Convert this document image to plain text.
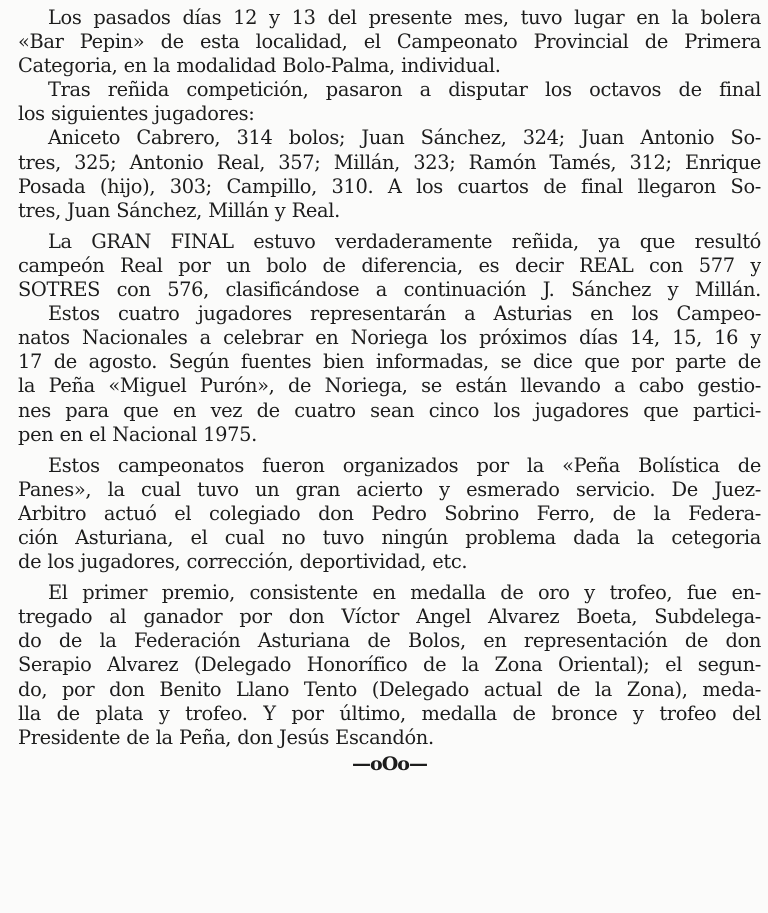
Los pasados días 12 y 13 del presente mes, tuvo lugar en la bolera
«Bar Pepin» de esta localidad, el Campeonato Provincial de Primera
Categoria, en la modalidad Bolo-Palma, individual.
Tras reñida competición, pasaron a disputar los octavos de final
los siguientes jugadores:
Aniceto Cabrero, 314 bolos; Juan Sánchez, 324; Juan Antonio So-
tres, 325; Antonio Real, 357; Millán, 323; Ramón Tamés, 312; Enrique
Posada (hijo), 303; Campillo, 310. A los cuartos de final llegaron So-
tres, Juan Sánchez, Millán y Real.
La GRAN FINAL estuvo verdaderamente reñida, ya que resultó
campeón Real por un bolo de diferencia, es decir REAL con 577 y
SOTRES con 576, clasificándose a continuación J. Sánchez y Millán.
Estos cuatro jugadores representarán a Asturias en los Campeo-
natos Nacionales a celebrar en Noriega los próximos días 14, 15, 16 y
17 de agosto. Según fuentes bien informadas, se dice que por parte de
la Peña «Miguel Purón», de Noriega, se están llevando a cabo gestio-
nes para que en vez de cuatro sean cinco los jugadores que partici-
pen en el Nacional 1975.
Estos campeonatos fueron organizados por la «Peña Bolística de
Panes», la cual tuvo un gran acierto y esmerado servicio. De Juez-
Arbitro actuó el colegiado don Pedro Sobrino Ferro, de la Federa-
ción Asturiana, el cual no tuvo ningún problema dada la cetegoria
de los jugadores, corrección, deportividad, etc.
El primer premio, consistente en medalla de oro y trofeo, fue en-
tregado al ganador por don Víctor Angel Alvarez Boeta, Subdelega-
do de la Federación Asturiana de Bolos, en representación de don
Serapio Alvarez (Delegado Honorífico de la Zona Oriental); el segun-
do, por don Benito Llano Tento (Delegado actual de la Zona), meda-
lla de plata y trofeo. Y por último, medalla de bronce y trofeo del
Presidente de la Peña, don Jesús Escandón.
—oOo—
